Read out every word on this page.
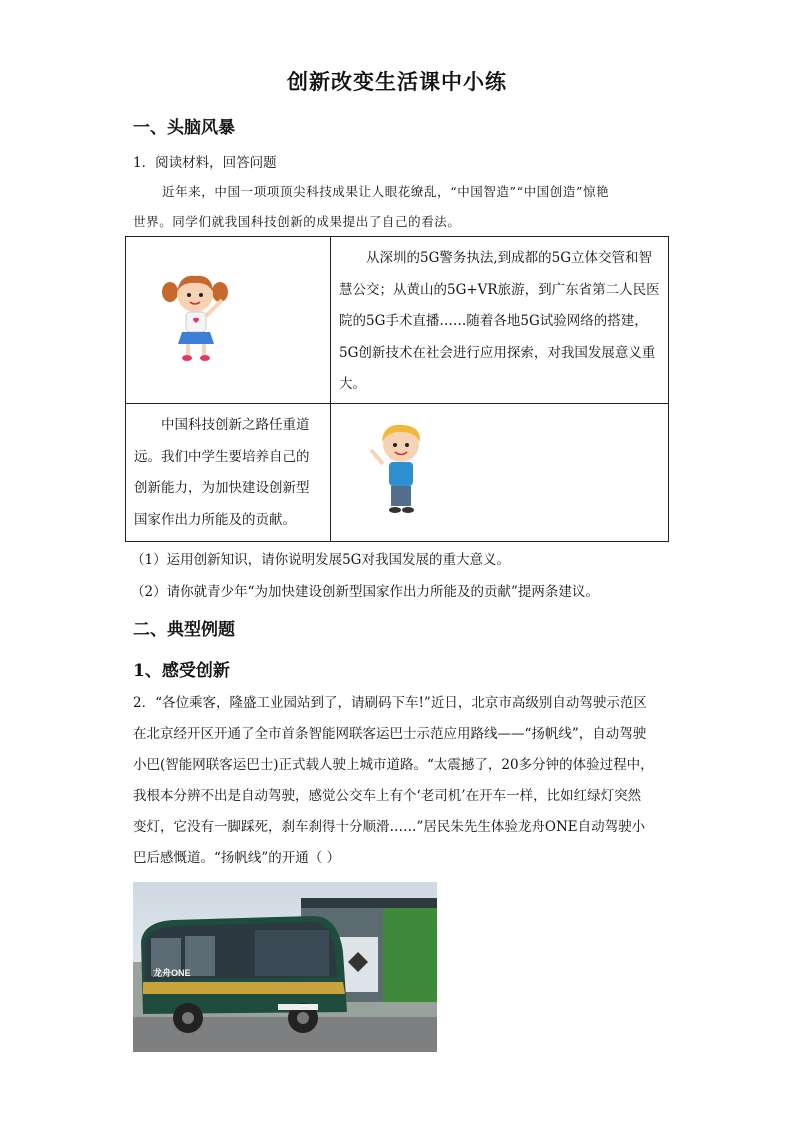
创新改变生活课中小练
一、头脑风暴
1．阅读材料，回答问题
近年来，中国一项项顶尖科技成果让人眼花缭乱，“中国智造”“中国创造”惊艳
世界。同学们就我国科技创新的成果提出了自己的看法。

从深圳的5G警务执法,到成都的5G立体交管和智慧公交；从黄山的5G+VR旅游，到广东省第二人民医院的5G手术直播……随着各地5G试验网络的搭建，5G创新技术在社会进行应用探索，对我国发展意义重大。

中国科技创新之路任重道远。我们中学生要培养自己的创新能力，为加快建设创新型国家作出力所能及的贡献。

（1）运用创新知识，请你说明发展5G对我国发展的重大意义。
（2）请你就青少年“为加快建设创新型国家作出力所能及的贡献”提两条建议。
二、典型例题
1、感受创新
2．“各位乘客，隆盛工业园站到了，请刷码下车!”近日，北京市高级别自动驾驶示范区
在北京经开区开通了全市首条智能网联客运巴士示范应用路线——“扬帆线”，自动驾驶
小巴(智能网联客运巴士)正式载人驶上城市道路。“太震撼了，20多分钟的体验过程中，
我根本分辨不出是自动驾驶，感觉公交车上有个‘老司机’在开车一样，比如红绿灯突然
变灯，它没有一脚踩死，刹车刹得十分顺滑……”居民朱先生体验龙舟ONE自动驾驶小
巴后感慨道。“扬帆线”的开通（ ）
龙舟ONE
